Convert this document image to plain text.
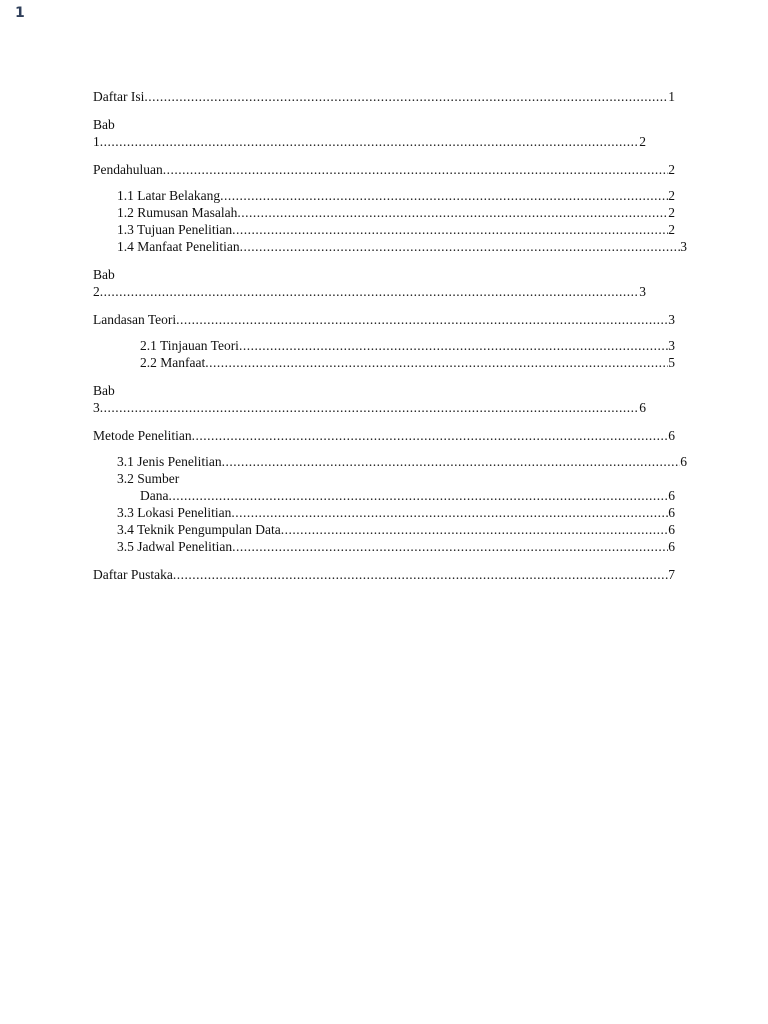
1
Daftar Isi .....	1
Bab
1 .....	2
Pendahuluan .....	2
1.1 Latar Belakang .....	2
1.2 Rumusan Masalah .....	2
1.3 Tujuan Penelitian .....	2
1.4 Manfaat Penelitian .....	3
Bab
2 .....	3
Landasan Teori .....	3
2.1 Tinjauan Teori .....	3
2.2 Manfaat .....	5
Bab
3 .....	6
Metode Penelitian .....	6
3.1 Jenis Penelitian .....	6
3.2 Sumber
Dana .....	6
3.3 Lokasi Penelitian .....	6
3.4 Teknik Pengumpulan Data .....	6
3.5 Jadwal Penelitian .....	6
Daftar Pustaka .....	7
